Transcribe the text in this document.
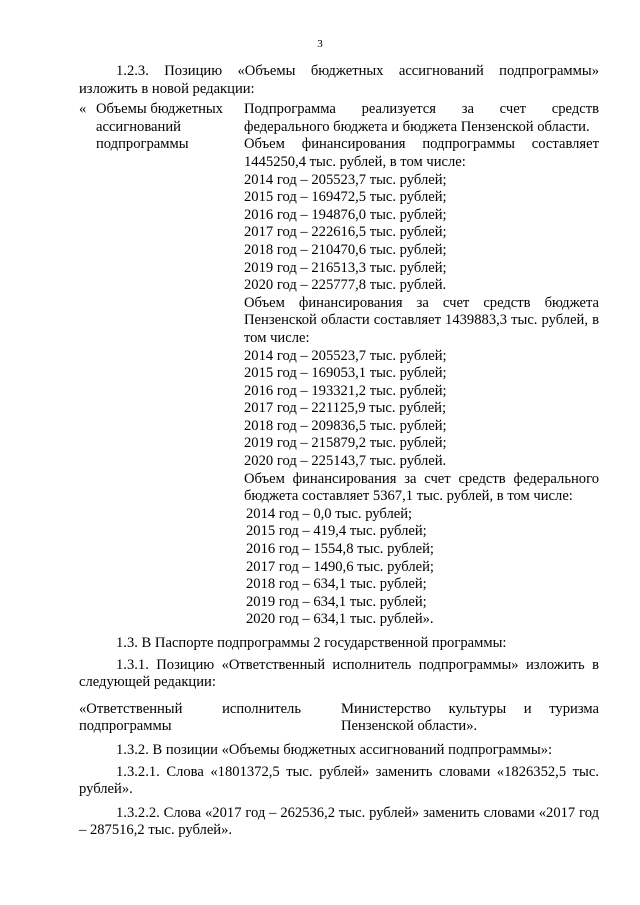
3

1.2.3. Позицию «Объемы бюджетных ассигнований подпрограммы»

изложить в новой редакции:

« Объемы бюджетных
ассигнований
подпрограммы

Подпрограмма реализуется за счет средств федерального бюджета и бюджета Пензенской области.

Объем финансирования подпрограммы составляет 1445250,4 тыс. рублей, в том числе:

2014 год – 205523,7 тыс. рублей;
2015 год – 169472,5 тыс. рублей;
2016 год – 194876,0 тыс. рублей;
2017 год – 222616,5 тыс. рублей;
2018 год – 210470,6 тыс. рублей;
2019 год – 216513,3 тыс. рублей;
2020 год – 225777,8 тыс. рублей.

Объем финансирования за счет средств бюджета Пензенской области составляет 1439883,3 тыс. рублей, в том числе:

2014 год – 205523,7 тыс. рублей;
2015 год – 169053,1 тыс. рублей;
2016 год – 193321,2 тыс. рублей;
2017 год – 221125,9 тыс. рублей;
2018 год – 209836,5 тыс. рублей;
2019 год – 215879,2 тыс. рублей;
2020 год – 225143,7 тыс. рублей.

Объем финансирования за счет средств федерального бюджета составляет 5367,1 тыс. рублей, в том числе:

2014 год – 0,0 тыс. рублей;
2015 год – 419,4 тыс. рублей;
2016 год – 1554,8 тыс. рублей;
2017 год – 1490,6 тыс. рублей;
2018 год – 634,1 тыс. рублей;
2019 год – 634,1 тыс. рублей;
2020 год – 634,1 тыс. рублей».

1.3. В Паспорте подпрограммы 2 государственной программы:

1.3.1. Позицию «Ответственный исполнитель подпрограммы» изложить в следующей редакции:

«Ответственный исполнитель подпрограммы

Министерство культуры и туризма Пензенской области».

1.3.2. В позиции «Объемы бюджетных ассигнований подпрограммы»:

1.3.2.1. Слова «1801372,5 тыс. рублей» заменить словами «1826352,5 тыс. рублей».

1.3.2.2. Слова «2017 год – 262536,2 тыс. рублей» заменить словами «2017 год – 287516,2 тыс. рублей».
